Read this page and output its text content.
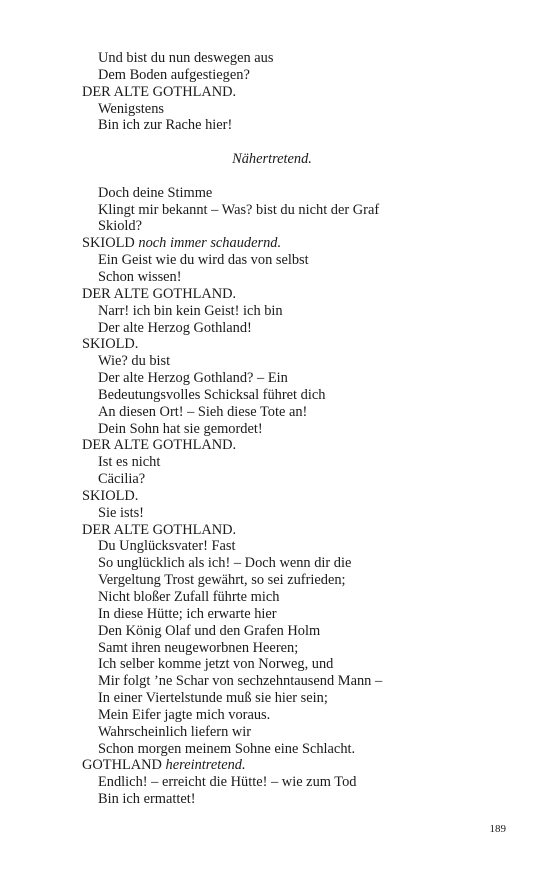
Und bist du nun deswegen aus
Dem Boden aufgestiegen?
DER ALTE GOTHLAND.
Wenigstens
Bin ich zur Rache hier!
Nähertretend.
Doch deine Stimme
Klingt mir bekannt – Was? bist du nicht der Graf
Skiold?
SKIOLD noch immer schaudernd.
Ein Geist wie du wird das von selbst
Schon wissen!
DER ALTE GOTHLAND.
Narr! ich bin kein Geist! ich bin
Der alte Herzog Gothland!
SKIOLD.
Wie? du bist
Der alte Herzog Gothland? – Ein
Bedeutungsvolles Schicksal führet dich
An diesen Ort! – Sieh diese Tote an!
Dein Sohn hat sie gemordet!
DER ALTE GOTHLAND.
Ist es nicht
Cäcilia?
SKIOLD.
Sie ists!
DER ALTE GOTHLAND.
Du Unglücksvater! Fast
So unglücklich als ich! – Doch wenn dir die
Vergeltung Trost gewährt, so sei zufrieden;
Nicht bloßer Zufall führte mich
In diese Hütte; ich erwarte hier
Den König Olaf und den Grafen Holm
Samt ihren neugeworbnen Heeren;
Ich selber komme jetzt von Norweg, und
Mir folgt ’ne Schar von sechzehntausend Mann –
In einer Viertelstunde muß sie hier sein;
Mein Eifer jagte mich voraus.
Wahrscheinlich liefern wir
Schon morgen meinem Sohne eine Schlacht.
GOTHLAND hereintretend.
Endlich! – erreicht die Hütte! – wie zum Tod
Bin ich ermattet!
189
